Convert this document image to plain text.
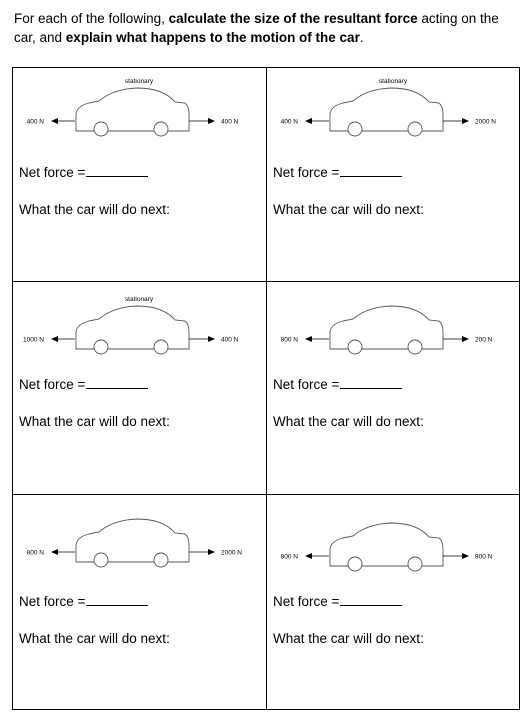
For each of the following, calculate the size of the resultant force acting on the car, and explain what happens to the motion of the car.
stationary
400 N	400 N
Net force =
What the car will do next:
stationary
400 N	2000 N
Net force =
What the car will do next:
stationary
1000 N	400 N
Net force =
What the car will do next:
800 N	200 N
Net force =
What the car will do next:
800 N	2000 N
Net force =
What the car will do next:
800 N	800 N
Net force =
What the car will do next:
